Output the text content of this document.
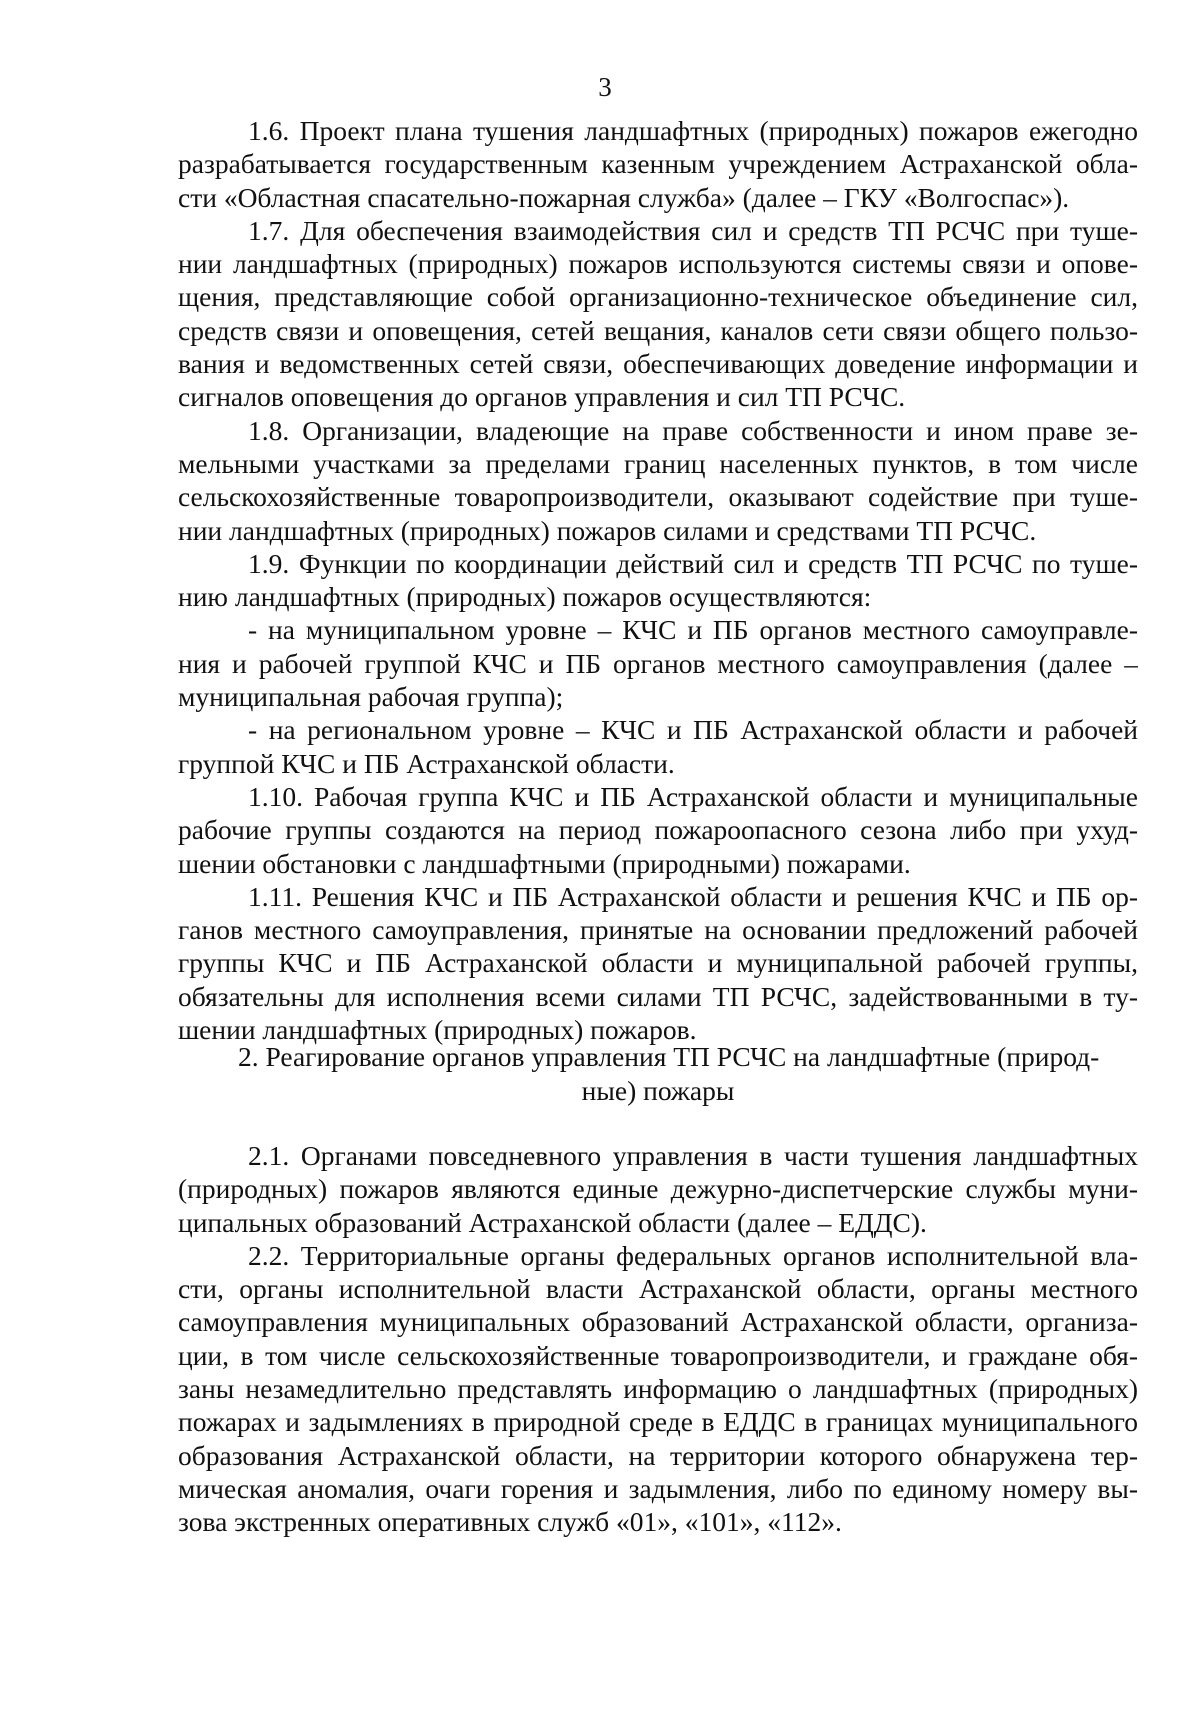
3
1.6. Проект плана тушения ландшафтных (природных) пожаров ежегодно
разрабатывается государственным казенным учреждением Астраханской обла-
сти «Областная спасательно-пожарная служба» (далее – ГКУ «Волгоспас»).
1.7. Для обеспечения взаимодействия сил и средств ТП РСЧС при туше-
нии ландшафтных (природных) пожаров используются системы связи и опове-
щения, представляющие собой организационно-техническое объединение сил,
средств связи и оповещения, сетей вещания, каналов сети связи общего пользо-
вания и ведомственных сетей связи, обеспечивающих доведение информации и
сигналов оповещения до органов управления и сил ТП РСЧС.
1.8. Организации, владеющие на праве собственности и ином праве зе-
мельными участками за пределами границ населенных пунктов, в том числе
сельскохозяйственные товаропроизводители, оказывают содействие при туше-
нии ландшафтных (природных) пожаров силами и средствами ТП РСЧС.
1.9. Функции по координации действий сил и средств ТП РСЧС по туше-
нию ландшафтных (природных) пожаров осуществляются:
- на муниципальном уровне – КЧС и ПБ органов местного самоуправле-
ния и рабочей группой КЧС и ПБ органов местного самоуправления (далее –
муниципальная рабочая группа);
- на региональном уровне – КЧС и ПБ Астраханской области и рабочей
группой КЧС и ПБ Астраханской области.
1.10. Рабочая группа КЧС и ПБ Астраханской области и муниципальные
рабочие группы создаются на период пожароопасного сезона либо при ухуд-
шении обстановки с ландшафтными (природными) пожарами.
1.11. Решения КЧС и ПБ Астраханской области и решения КЧС и ПБ ор-
ганов местного самоуправления, принятые на основании предложений рабочей
группы КЧС и ПБ Астраханской области и муниципальной рабочей группы,
обязательны для исполнения всеми силами ТП РСЧС, задействованными в ту-
шении ландшафтных (природных) пожаров.
2. Реагирование органов управления ТП РСЧС на ландшафтные (природ-
ные) пожары
2.1. Органами повседневного управления в части тушения ландшафтных
(природных) пожаров являются единые дежурно-диспетчерские службы муни-
ципальных образований Астраханской области (далее – ЕДДС).
2.2. Территориальные органы федеральных органов исполнительной вла-
сти, органы исполнительной власти Астраханской области, органы местного
самоуправления муниципальных образований Астраханской области, организа-
ции, в том числе сельскохозяйственные товаропроизводители, и граждане обя-
заны незамедлительно представлять информацию о ландшафтных (природных)
пожарах и задымлениях в природной среде в ЕДДС в границах муниципального
образования Астраханской области, на территории которого обнаружена тер-
мическая аномалия, очаги горения и задымления, либо по единому номеру вы-
зова экстренных оперативных служб «01», «101», «112».
